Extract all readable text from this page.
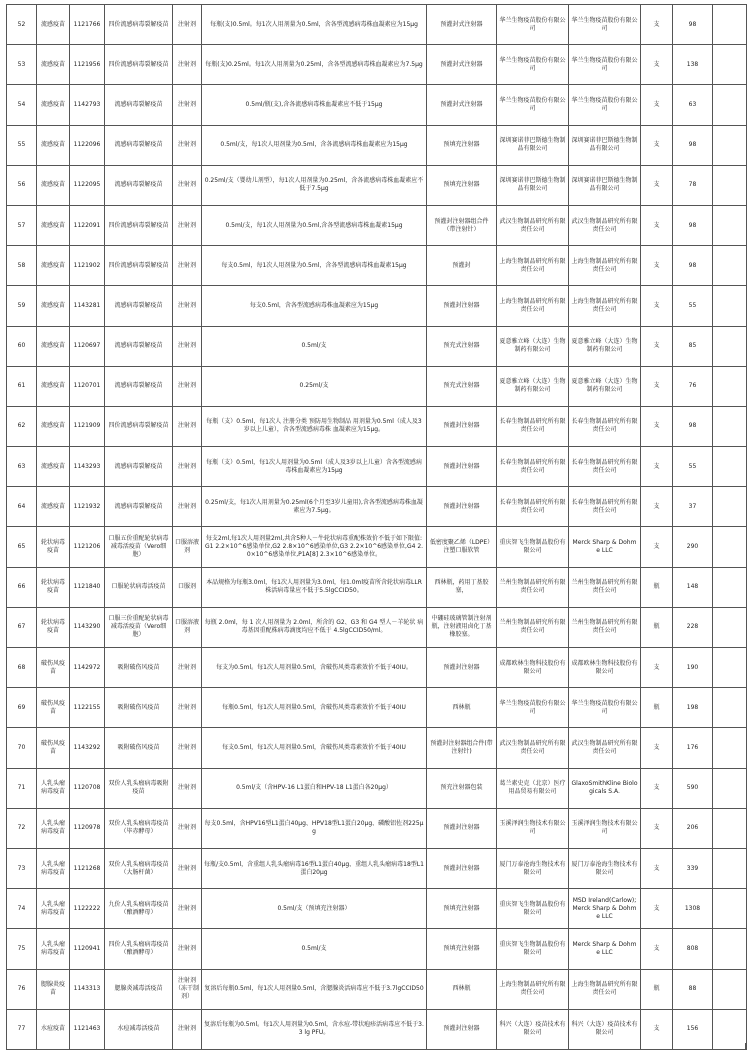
52	流感疫苗	1121766	四价流感病毒裂解疫苗	注射剂	每瓶(支)0.5ml。每1次人用剂量为0.5ml，含各型流感病毒株血凝素应为15μg	预灌封式注射器	华兰生物疫苗股份有限公司	华兰生物疫苗股份有限公司	支	98	
53	流感疫苗	1121956	四价流感病毒裂解疫苗	注射剂	每瓶(支)0.25ml。每1次人用剂量为0.25ml，含各型流感病毒株血凝素应为7.5μg	预灌封式注射器	华兰生物疫苗股份有限公司	华兰生物疫苗股份有限公司	支	138	
54	流感疫苗	1142793	流感病毒裂解疫苗	注射剂	0.5ml/瓶(支),含各流感病毒株血凝素应不低于15μg	预灌封式注射器	华兰生物疫苗股份有限公司	华兰生物疫苗股份有限公司	支	63	
55	流感疫苗	1122096	流感病毒裂解疫苗	注射剂	0.5ml/支，每1次人用剂量为0.5ml，含各流感病毒株血凝素应为15μg	预填充注射器	深圳赛诺菲巴斯德生物制品有限公司	深圳赛诺菲巴斯德生物制品有限公司	支	98	
56	流感疫苗	1122095	流感病毒裂解疫苗	注射剂	0.25ml/支（婴幼儿剂型），每1次人用剂量为0.25ml，含各流感病毒株血凝素应不低于7.5μg	预填充注射器	深圳赛诺菲巴斯德生物制品有限公司	深圳赛诺菲巴斯德生物制品有限公司	支	78	
57	流感疫苗	1122091	四价流感病毒裂解疫苗	注射剂	0.5ml/支，每1次人用剂量为0.5ml,含各型流感病毒株血凝素15μg	预灌封注射器组合件（带注射针）	武汉生物制品研究所有限责任公司	武汉生物制品研究所有限责任公司	支	98	
58	流感疫苗	1121902	四价流感病毒裂解疫苗	注射剂	每支0.5ml，每1次人用剂量为0.5ml，含各型流感病毒株血凝素15μg	预灌封	上海生物制品研究所有限责任公司	上海生物制品研究所有限责任公司	支	98	
59	流感疫苗	1143281	流感病毒裂解疫苗	注射剂	每支0.5ml，含各型流感病毒株血凝素应为15μg	预灌封注射器	上海生物制品研究所有限责任公司	上海生物制品研究所有限责任公司	支	55	
60	流感疫苗	1120697	流感病毒裂解疫苗	注射剂	0.5ml/支	预充式注射器	夏意雅立峰（大连）生物制药有限公司	夏意雅立峰（大连）生物制药有限公司	支	85	
61	流感疫苗	1120701	流感病毒裂解疫苗	注射剂	0.25ml/支	预充式注射器	夏意雅立峰（大连）生物制药有限公司	夏意雅立峰（大连）生物制药有限公司	支	76	
62	流感疫苗	1121909	四价流感病毒裂解疫苗	注射剂	每瓶（支）0.5ml，每1次人 注册分类 预防用生物制品 用剂量为0.5ml（成人及3岁以上儿童），含各型流感病毒株 血凝素应为15μg。	预灌封注射器	长春生物制品研究所有限责任公司	长春生物制品研究所有限责任公司	支	98	
63	流感疫苗	1143293	流感病毒裂解疫苗	注射剂	每瓶（支）0.5ml，每1次人用剂量为0.5ml（成人及3岁以上儿童）含各型流感病毒株血凝素应为15μg	预灌封注射器	长春生物制品研究所有限责任公司	长春生物制品研究所有限责任公司	支	55	
64	流感疫苗	1121932	流感病毒裂解疫苗	注射剂	0.25ml/支，每1次人用剂量为0.25ml(6个月至3岁儿童用),含各型流感病毒株血凝素应为7.5μg。	预灌封注射器	长春生物制品研究所有限责任公司	长春生物制品研究所有限责任公司	支	37	
65	轮状病毒疫苗	1121206	口服五价重配轮状病毒减毒活疫苗（Vero细胞）	口服溶液剂	每支2ml,每1次人用剂量2ml,共含5种人－牛轮状病毒重配株效价不低于如下限值:G1 2.2×10^6感染单位,G2 2.8×10^6感染单位,G3 2.2×10^6感染单位,G4 2.0×10^6感染单位,P1A[8] 2.3×10^6感染单位。	低密度聚乙烯（LDPE）注塑口服软管	重庆智飞生物制品股份有限公司	Merck Sharp & Dohme LLC	支	290	
66	轮状病毒疫苗	1121840	口服轮状病毒活疫苗	口服剂	本品规格为每瓶3.0ml，每1次人用剂量为3.0ml，每1.0ml疫苗所含轮状病毒LLR株活病毒量应不低于5.5lgCCID50。	西林瓶，药用丁基胶塞，	兰州生物制品研究所有限责任公司	兰州生物制品研究所有限责任公司	瓶	148	
67	轮状病毒疫苗	1143290	口服三价重配轮状病毒减毒活疫苗（Vero细胞）	口服溶液剂	每瓶 2.0ml，每 1 次人用剂量为 2.0ml，所含的 G2、G3 和 G4 型人－羊轮状 病毒基因重配株病毒滴度均应不低于 4.5lgCCID50/ml。	中硼硅玻璃管制注射剂瓶，注射液用卤化丁基橡胶塞。	兰州生物制品研究所有限责任公司	兰州生物制品研究所有限责任公司	瓶	228	
68	破伤风疫苗	1142972	吸附破伤风疫苗	注射剂	每支为0.5ml。每1次人用剂量0.5ml，含破伤风类毒素效价不低于40IU。	预灌封注射器	成都欧林生物科技股份有限公司	成都欧林生物科技股份有限公司	支	190	
69	破伤风疫苗	1122155	吸附破伤风疫苗	注射剂	每瓶0.5ml，每1次人用剂量0.5ml，含破伤风类毒素效价不低于40IU	西林瓶	华兰生物疫苗股份有限公司	华兰生物疫苗股份有限公司	瓶	198	
70	破伤风疫苗	1143292	吸附破伤风疫苗	注射剂	每支0.5ml，每1次人用剂量0.5ml，含破伤风类毒素效价不低于40IU	预灌封注射器组合件(带注射针)	武汉生物制品研究所有限责任公司	武汉生物制品研究所有限责任公司	支	176	
71	人乳头瘤病毒疫苗	1120708	双价人乳头瘤病毒吸附疫苗	注射剂	0.5ml/支（含HPV-16 L1蛋白和HPV-18 L1蛋白各20μg）	预充注射器包装	葛兰素史克（北京）医疗用品贸易有限公司	GlaxoSmithKline Biologicals S.A.	支	590	
72	人乳头瘤病毒疫苗	1120978	双价人乳头瘤病毒疫苗（毕赤酵母）	注射剂	每支0.5ml，含HPV16型L1蛋白40μg、HPV18型L1蛋白20μg、磷酸铝佐剂225μg	预灌封注射器	玉溪泽润生物技术有限公司	玉溪泽润生物技术有限公司	支	206	
73	人乳头瘤病毒疫苗	1121268	双价人乳头瘤病毒疫苗（大肠杆菌）	注射剂	每瓶/支0.5ml，含重组人乳头瘤病毒16型L1蛋白40μg、重组人乳头瘤病毒18型L1蛋白20μg	预灌封注射器	厦门万泰沧海生物技术有限公司	厦门万泰沧海生物技术有限公司	支	339	
74	人乳头瘤病毒疫苗	1122222	九价人乳头瘤病毒疫苗（酿酒酵母）	注射剂	0.5ml/支（预填充注射器）	预填充注射器	重庆智飞生物制品股份有限公司	MSD Ireland(Carlow); Merck Sharp & Dohme LLC	支	1308	
75	人乳头瘤病毒疫苗	1120941	四价人乳头瘤病毒疫苗（酿酒酵母）	注射剂	0.5ml/支	预填充注射器	重庆智飞生物制品股份有限公司	Merck Sharp & Dohme LLC	支	808	
76	腮腺炎疫苗	1143313	腮腺炎减毒活疫苗	注射剂（冻干制剂）	复溶后每瓶0.5ml，每1次人用剂量0.5ml，含腮腺炎活病毒应不低于3.7lgCCID50	西林瓶	上海生物制品研究所有限责任公司	上海生物制品研究所有限责任公司	瓶	88	
77	水痘疫苗	1121463	水痘减毒活疫苗	注射剂	复溶后每瓶为0.5ml。每1次人用剂量为0.5ml，含水痘-带状疱疹活病毒应不低于3.3 lg PFU。	预灌封注射器	科兴（大连）疫苗技术有限公司	科兴（大连）疫苗技术有限公司	支	156	
